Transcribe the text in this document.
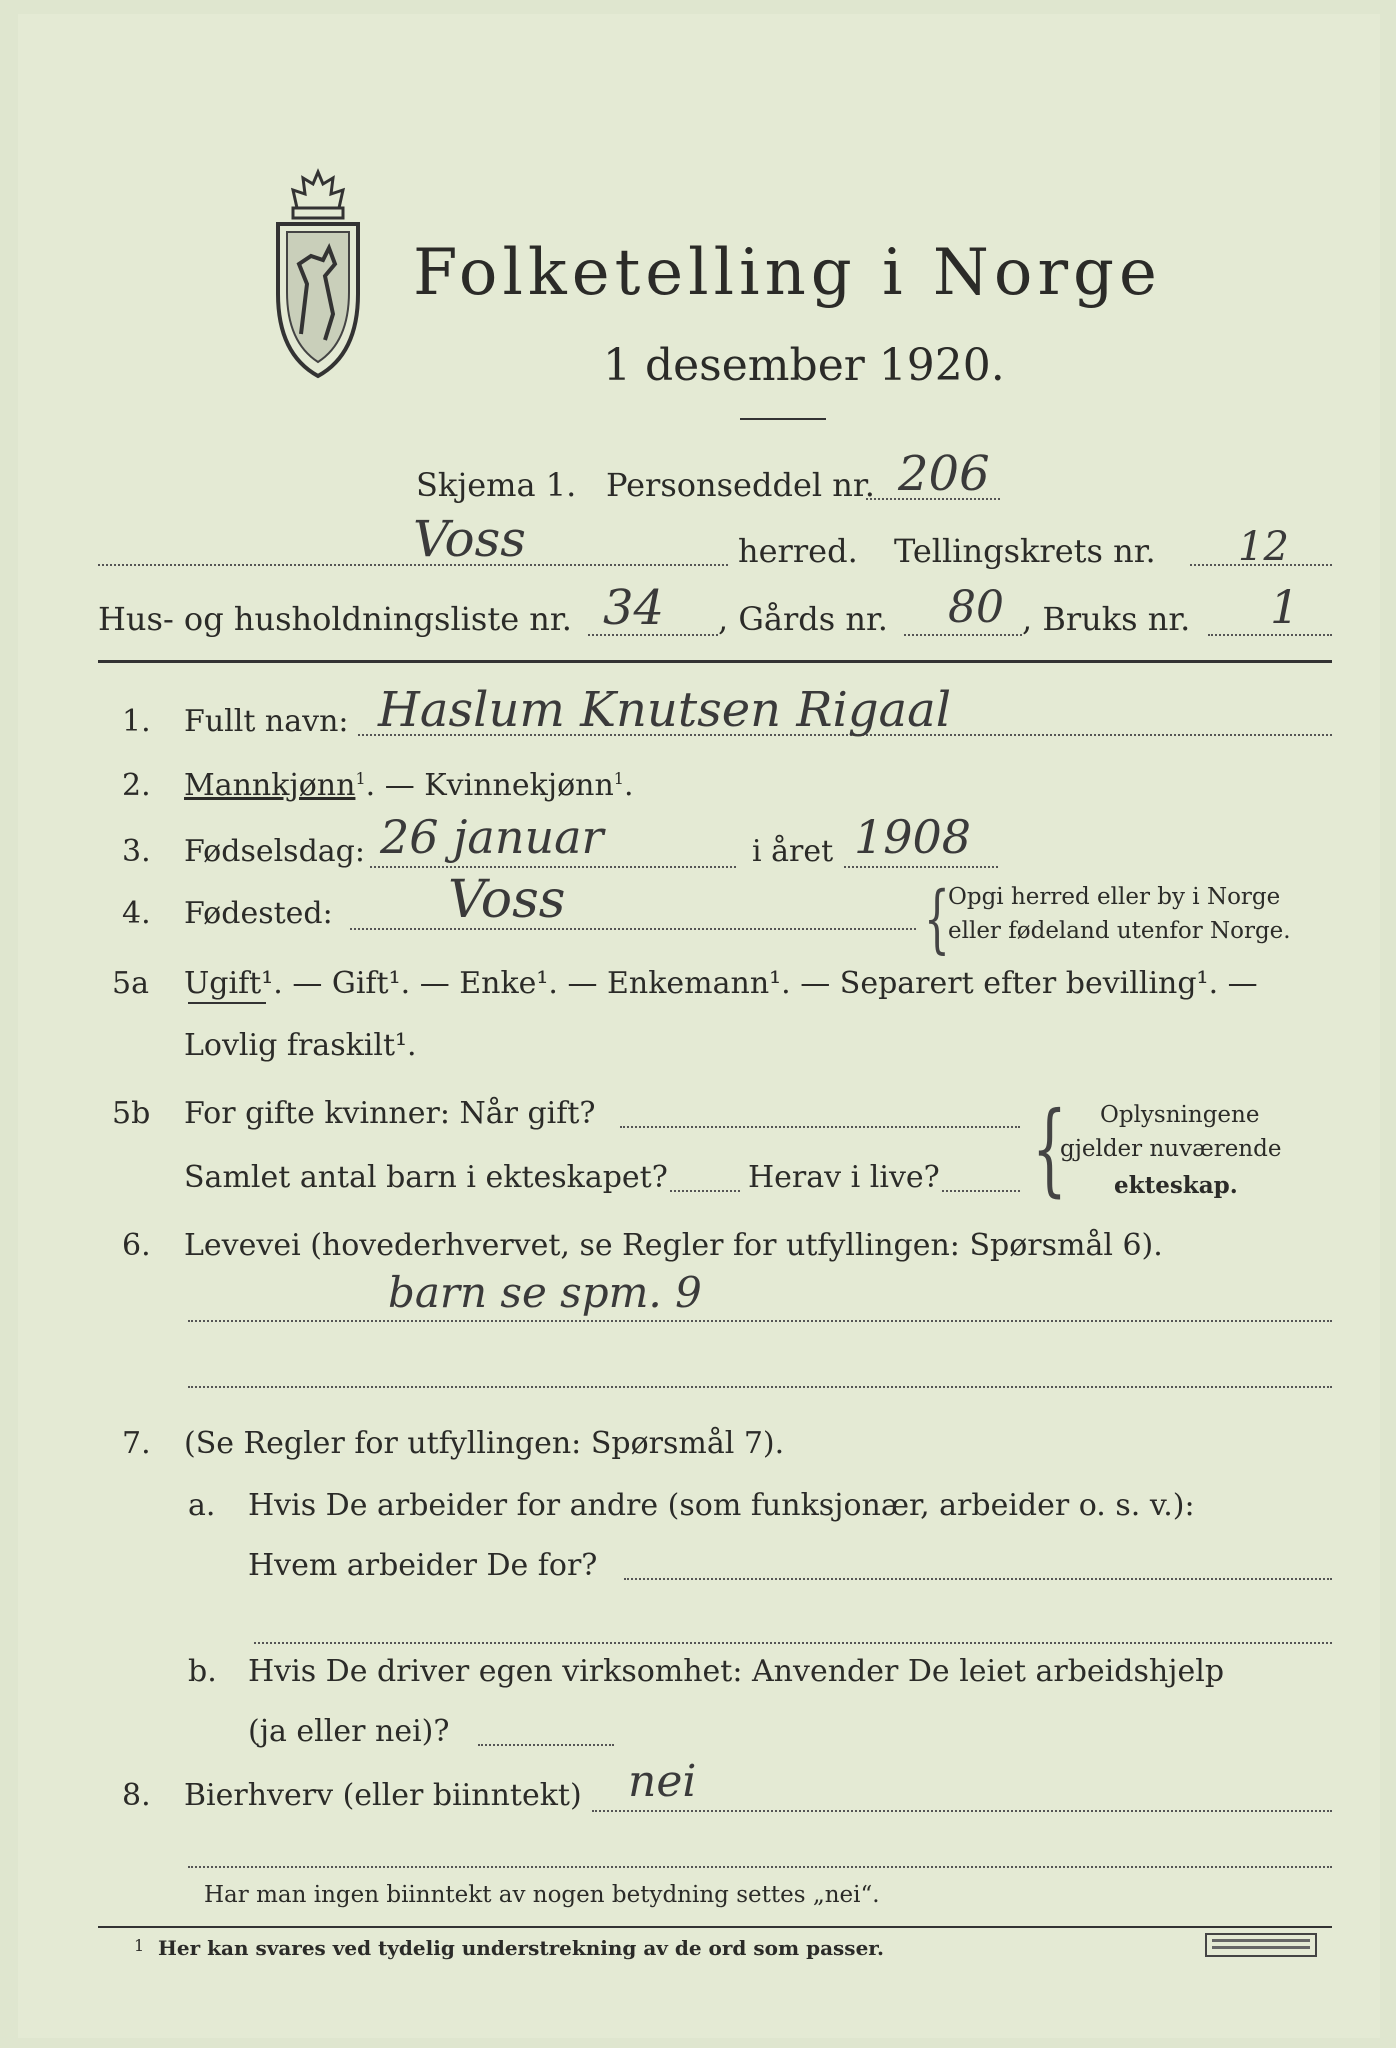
Folketelling i Norge
1 desember 1920.
Skjema 1. Personseddel nr. 206
Voss	herred. Tellingskrets nr. 12
Hus- og husholdningsliste nr. 34 , Gårds nr. 80 , Bruks nr. 1
1. Fullt navn: Haslum Knutsen Rigaal
2. Mannkjønn$^1$. — Kvinnekjønn$^1$.
3. Fødselsdag: 26 januar	i året 1908
4. Fødested: Voss	{
Opgi herred eller by i Norge
eller fødeland utenfor Norge.
5a Ugift¹. — Gift¹. — Enke¹. — Enkemann¹. — Separert efter bevilling¹. —
Lovlig fraskilt¹.
5b For gifte kvinner: Når gift?
Samlet antal barn i ekteskapet?	Herav i live? { Oplysningene
gjelder nuværende
ekteskap.
6. Levevei (hovederhvervet, se Regler for utfyllingen: Spørsmål 6).
barn se spm. 9
7. (Se Regler for utfyllingen: Spørsmål 7).
a. Hvis De arbeider for andre (som funksjonær, arbeider o. s. v.):
Hvem arbeider De for?
b. Hvis De driver egen virksomhet: Anvender De leiet arbeidshjelp
(ja eller nei)?
8. Bierhverv (eller biinntekt) nei
Har man ingen biinntekt av nogen betydning settes „nei“.
1 Her kan svares ved tydelig understrekning av de ord som passer.
